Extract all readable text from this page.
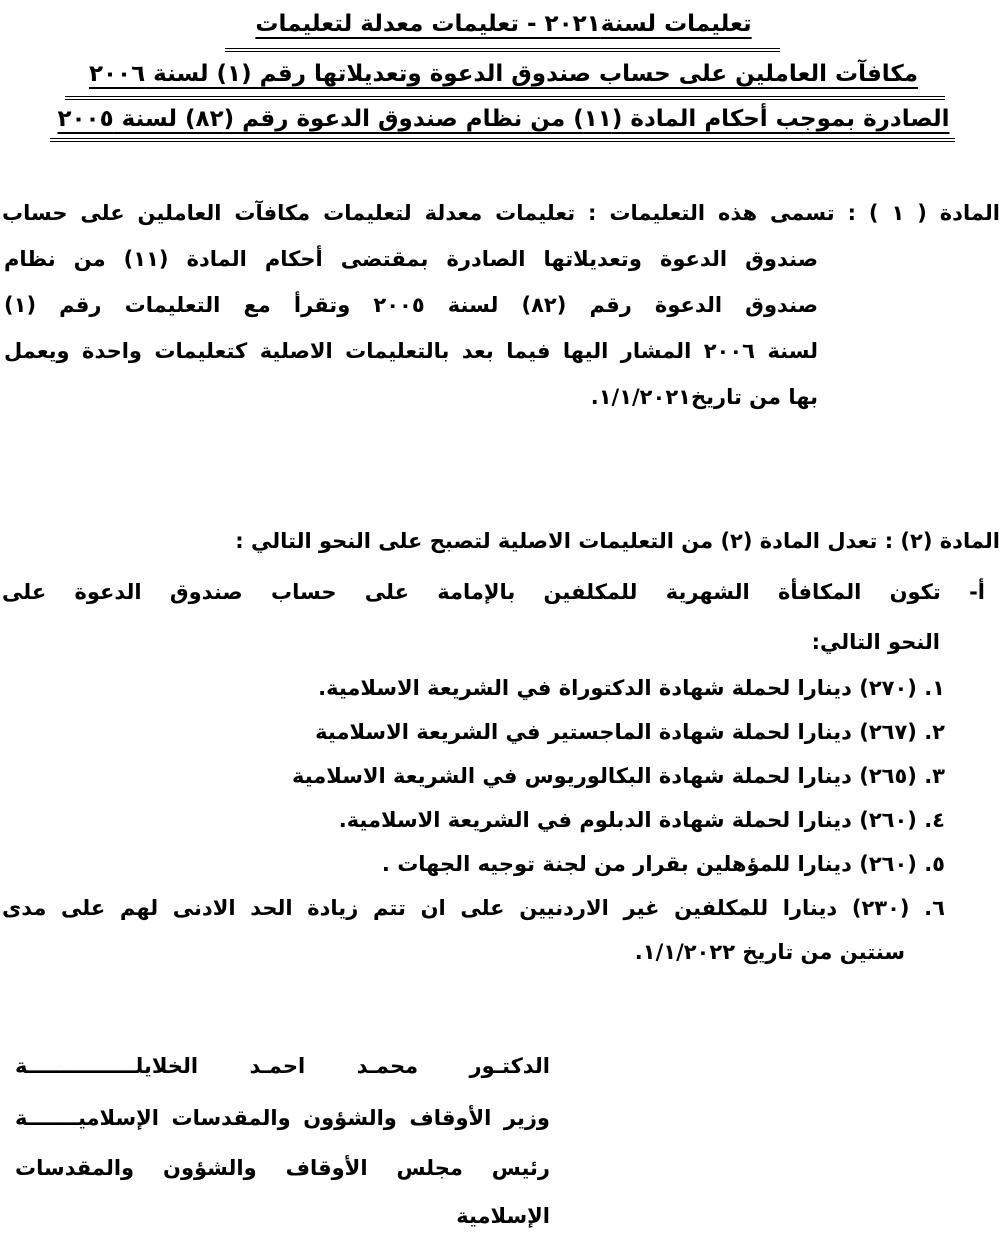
تعليمات لسنة٢٠٢١ - تعليمات معدلة لتعليمات
مكافآت العاملين على حساب صندوق الدعوة وتعديلاتها رقم (١) لسنة ٢٠٠٦
الصادرة بموجب أحكام المادة (١١) من نظام صندوق الدعوة رقم (٨٢) لسنة ٢٠٠٥
المادة ( ١ ) : تسمى هذه التعليمات : تعليمات معدلة لتعليمات مكافآت العاملين على حساب
صندوق الدعوة وتعديلاتها الصادرة بمقتضى أحكام المادة (١١) من نظام
صندوق الدعوة رقم (٨٢) لسنة ٢٠٠٥ وتقرأ مع التعليمات رقم (١)
لسنة ٢٠٠٦ المشار اليها فيما بعد بالتعليمات الاصلية كتعليمات واحدة ويعمل
بها من تاريخ١/١/٢٠٢١.
المادة (٢) : تعدل المادة (٢) من التعليمات الاصلية لتصبح على النحو التالي :
أ- تكون المكافأة الشهرية للمكلفين بالإمامة على حساب صندوق الدعوة على
النحو التالي:
١. (٢٧٠) دينارا لحملة شهادة الدكتوراة في الشريعة الاسلامية.
٢. (٢٦٧) دينارا لحملة شهادة الماجستير في الشريعة الاسلامية
٣. (٢٦٥) دينارا لحملة شهادة البكالوريوس في الشريعة الاسلامية
٤. (٢٦٠) دينارا لحملة شهادة الدبلوم في الشريعة الاسلامية.
٥. (٢٦٠) دينارا للمؤهلين بقرار من لجنة توجيه الجهات .
٦. (٢٣٠) دينارا للمكلفين غير الاردنيين على ان تتم زيادة الحد الادنى لهم على مدى
سنتين من تاريخ ١/١/٢٠٢٢.
الدكتـور محمـد احمـد الخلايلـــــــــــــــة
وزير الأوقاف والشؤون والمقدسات الإسلاميـــــــة
رئيس مجلس الأوقاف والشؤون والمقدسات الإسلامية
